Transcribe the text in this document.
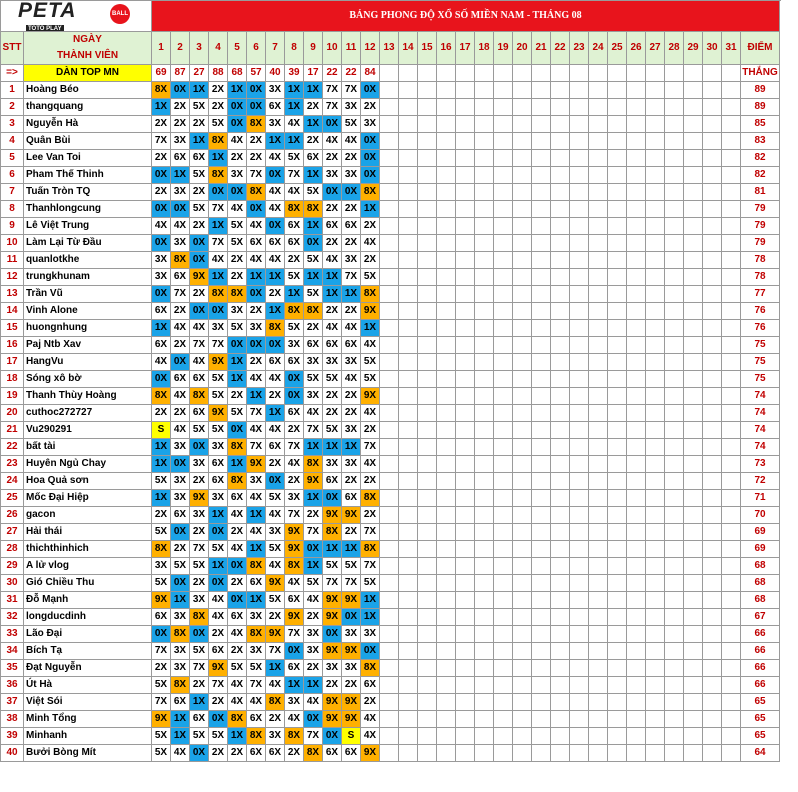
PETA BALL
TOTO PLAY		BẢNG PHONG ĐỘ XỔ SỐ MIỀN NAM - THÁNG 08																															
STT	NGÀY
THÀNH VIÊN	1	2	3	4	5	6	7	8	9	10	11	12	13	14	15	16	17	18	19	20	21	22	23	24	25	26	27	28	29	30	31	ĐIỂM
=>	DÀN TOP MN	69	87	27	88	68	57	40	39	17	22	22	84																				THẮNG
1	Hoàng Béo	8X	0X	1X	2X	1X	0X	3X	1X	1X	7X	7X	0X																				89
2	thangquang	1X	2X	5X	2X	0X	0X	6X	1X	2X	7X	3X	2X																				89
3	Nguyễn Hà	2X	2X	2X	5X	0X	8X	3X	4X	1X	0X	5X	3X																				85
4	Quân Bùi	7X	3X	1X	8X	4X	2X	1X	1X	2X	4X	4X	0X																				83
5	Lee Van Toi	2X	6X	6X	1X	2X	2X	4X	5X	6X	2X	2X	0X																				82
6	Pham Thế Thinh	0X	1X	5X	8X	3X	7X	0X	7X	1X	3X	3X	0X																				82
7	Tuấn Tròn TQ	2X	3X	2X	0X	0X	8X	4X	4X	5X	0X	0X	8X																				81
8	Thanhlongcung	0X	0X	5X	7X	4X	0X	4X	8X	8X	2X	2X	1X																				79
9	Lê Việt Trung	4X	4X	2X	1X	5X	4X	0X	6X	1X	6X	6X	2X																				79
10	Làm Lại Từ Đầu	0X	3X	0X	7X	5X	6X	6X	6X	0X	2X	2X	4X																				79
11	quanlotkhe	3X	8X	0X	4X	2X	4X	4X	2X	5X	4X	3X	2X																				78
12	trungkhunam	3X	6X	9X	1X	2X	1X	1X	5X	1X	1X	7X	5X																				78
13	Trần Vũ	0X	7X	2X	8X	8X	0X	2X	1X	5X	1X	1X	8X																				77
14	Vinh Alone	6X	2X	0X	0X	3X	2X	1X	8X	8X	2X	2X	9X																				76
15	huongnhung	1X	4X	4X	3X	5X	3X	8X	5X	2X	4X	4X	1X																				76
16	Paj Ntb Xav	6X	2X	7X	7X	0X	0X	0X	3X	6X	6X	6X	4X																				75
17	HangVu	4X	0X	4X	9X	1X	2X	6X	6X	3X	3X	3X	5X																				75
18	Sóng xô bờ	0X	6X	6X	5X	1X	4X	4X	0X	5X	5X	4X	5X																				75
19	Thanh Thùy Hoàng	8X	4X	8X	5X	2X	1X	2X	0X	3X	2X	2X	9X																				74
20	cuthoc272727	2X	2X	6X	9X	5X	7X	1X	6X	4X	2X	2X	4X																				74
21	Vu290291	S	4X	5X	5X	0X	4X	4X	2X	7X	5X	3X	2X																				74
22	bất tài	1X	3X	0X	3X	8X	7X	6X	7X	1X	1X	1X	7X																				74
23	Huyên Ngủ Chay	1X	0X	3X	6X	1X	9X	2X	4X	8X	3X	3X	4X																				73
24	Hoa Quả sơn	5X	3X	2X	6X	8X	3X	0X	2X	9X	6X	2X	2X																				72
25	Mốc Đại Hiệp	1X	3X	9X	3X	6X	4X	5X	3X	1X	0X	6X	8X																				71
26	gacon	2X	6X	3X	1X	4X	1X	4X	7X	2X	9X	9X	2X																				70
27	Hải thái	5X	0X	2X	0X	2X	4X	3X	9X	7X	8X	2X	7X																				69
28	thichthinhich	8X	2X	7X	5X	4X	1X	5X	9X	0X	1X	1X	8X																				69
29	A lử vlog	3X	5X	5X	1X	0X	8X	4X	8X	1X	5X	5X	7X																				68
30	Gió Chiều Thu	5X	0X	2X	0X	2X	6X	9X	4X	5X	7X	7X	5X																				68
31	Đỗ Mạnh	9X	1X	3X	4X	0X	1X	5X	6X	4X	9X	9X	1X																				68
32	longducdinh	6X	3X	8X	4X	6X	3X	2X	9X	2X	9X	0X	1X																				67
33	Lão Đại	0X	8X	0X	2X	4X	8X	9X	7X	3X	0X	3X	3X																				66
34	Bích Tạ	7X	3X	5X	6X	2X	3X	7X	0X	3X	9X	9X	0X																				66
35	Đạt Nguyễn	2X	3X	7X	9X	5X	5X	1X	6X	2X	3X	3X	8X																				66
36	Út Hà	5X	8X	2X	7X	4X	7X	4X	1X	1X	2X	2X	6X																				66
37	Việt Sói	7X	6X	1X	2X	4X	4X	8X	3X	4X	9X	9X	2X																				65
38	Minh Tổng	9X	1X	6X	0X	8X	6X	2X	4X	0X	9X	9X	4X																				65
39	Minhanh	5X	1X	5X	5X	1X	8X	3X	8X	7X	0X	S	4X																				65
40	Bưởi Bòng Mít	5X	4X	0X	2X	2X	6X	6X	2X	8X	6X	6X	9X																				64
